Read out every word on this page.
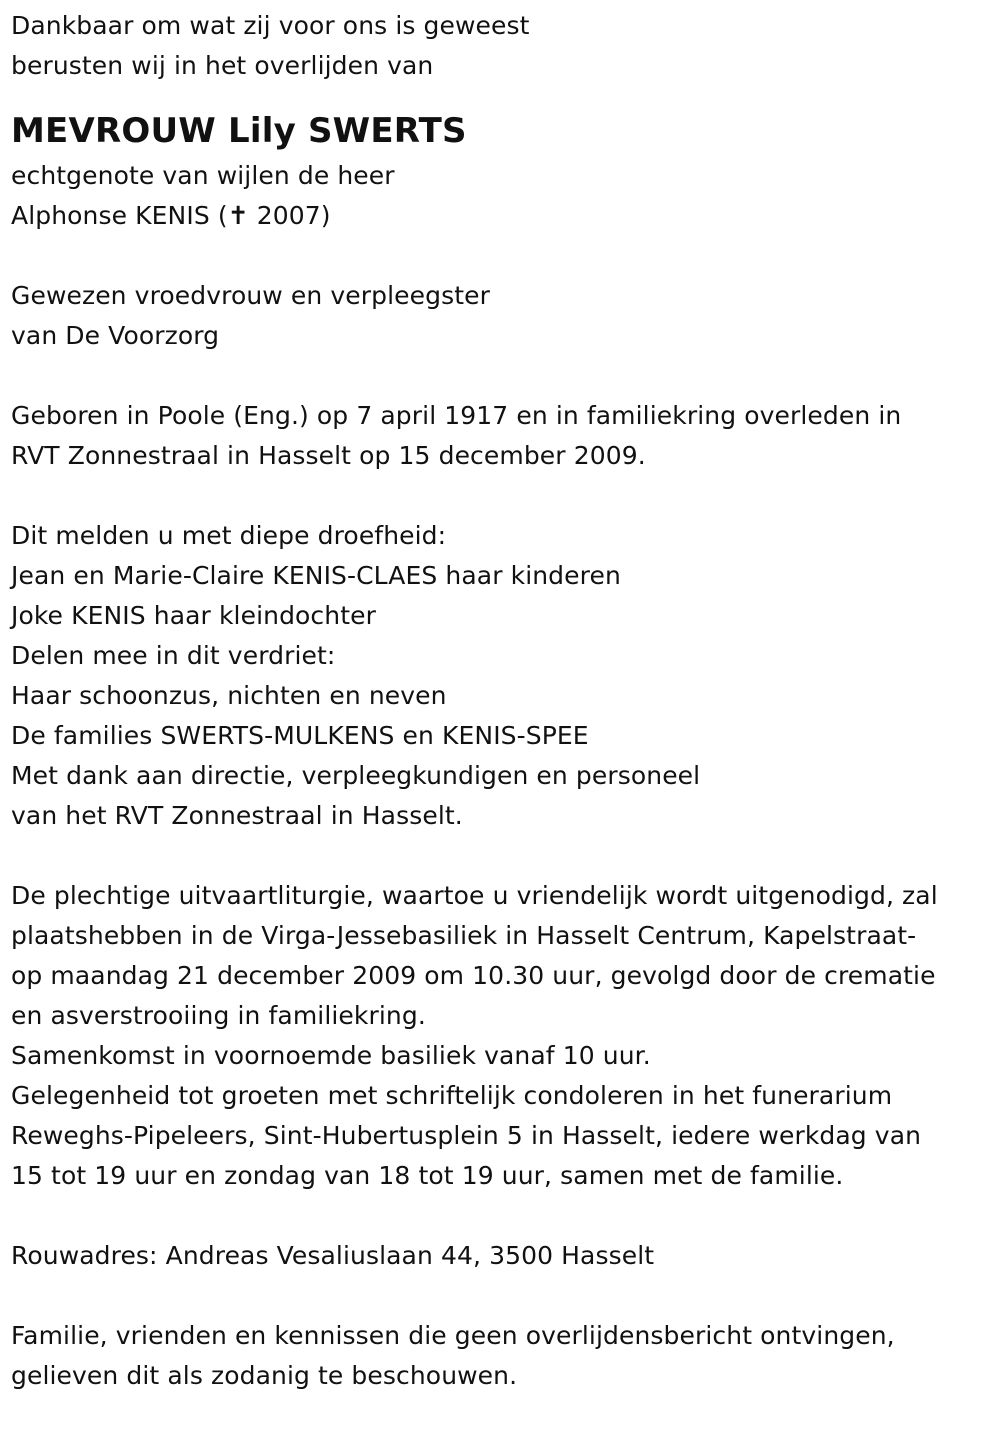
Dankbaar om wat zij voor ons is geweest
berusten wij in het overlijden van
MEVROUW Lily SWERTS
echtgenote van wijlen de heer
Alphonse KENIS (✝ 2007)
Gewezen vroedvrouw en verpleegster
van De Voorzorg
Geboren in Poole (Eng.) op 7 april 1917 en in familiekring overleden in
RVT Zonnestraal in Hasselt op 15 december 2009.
Dit melden u met diepe droefheid:
Jean en Marie-Claire KENIS-CLAES haar kinderen
Joke KENIS haar kleindochter
Delen mee in dit verdriet:
Haar schoonzus, nichten en neven
De families SWERTS-MULKENS en KENIS-SPEE
Met dank aan directie, verpleegkundigen en personeel
van het RVT Zonnestraal in Hasselt.
De plechtige uitvaartliturgie, waartoe u vriendelijk wordt uitgenodigd, zal
plaatshebben in de Virga-Jessebasiliek in Hasselt Centrum, Kapelstraat-
op maandag 21 december 2009 om 10.30 uur, gevolgd door de crematie
en asverstrooiing in familiekring.
Samenkomst in voornoemde basiliek vanaf 10 uur.
Gelegenheid tot groeten met schriftelijk condoleren in het funerarium
Reweghs-Pipeleers, Sint-Hubertusplein 5 in Hasselt, iedere werkdag van
15 tot 19 uur en zondag van 18 tot 19 uur, samen met de familie.
Rouwadres: Andreas Vesaliuslaan 44, 3500 Hasselt
Familie, vrienden en kennissen die geen overlijdensbericht ontvingen,
gelieven dit als zodanig te beschouwen.
